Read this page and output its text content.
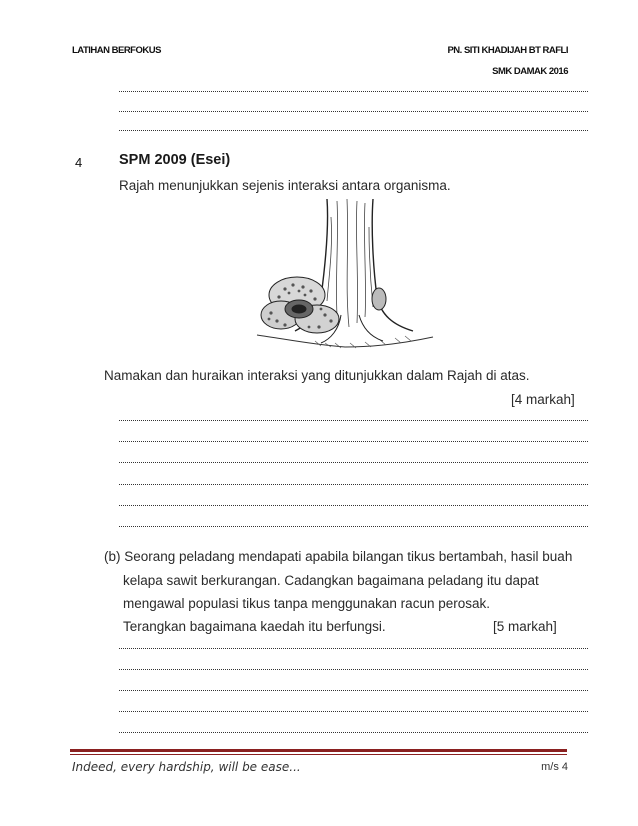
LATIHAN BERFOKUS	PN. SITI KHADIJAH BT RAFLI
SMK DAMAK 2016
4	SPM 2009 (Esei)
Rajah menunjukkan sejenis interaksi antara organisma.
Namakan dan huraikan interaksi yang ditunjukkan dalam Rajah di atas.
[4 markah]
(b) Seorang peladang mendapati apabila bilangan tikus bertambah, hasil buah
kelapa sawit berkurangan. Cadangkan bagaimana peladang itu dapat
mengawal populasi tikus tanpa menggunakan racun perosak.
Terangkan bagaimana kaedah itu berfungsi.	[5 markah]
Indeed, every hardship, will be ease...	m/s 4
